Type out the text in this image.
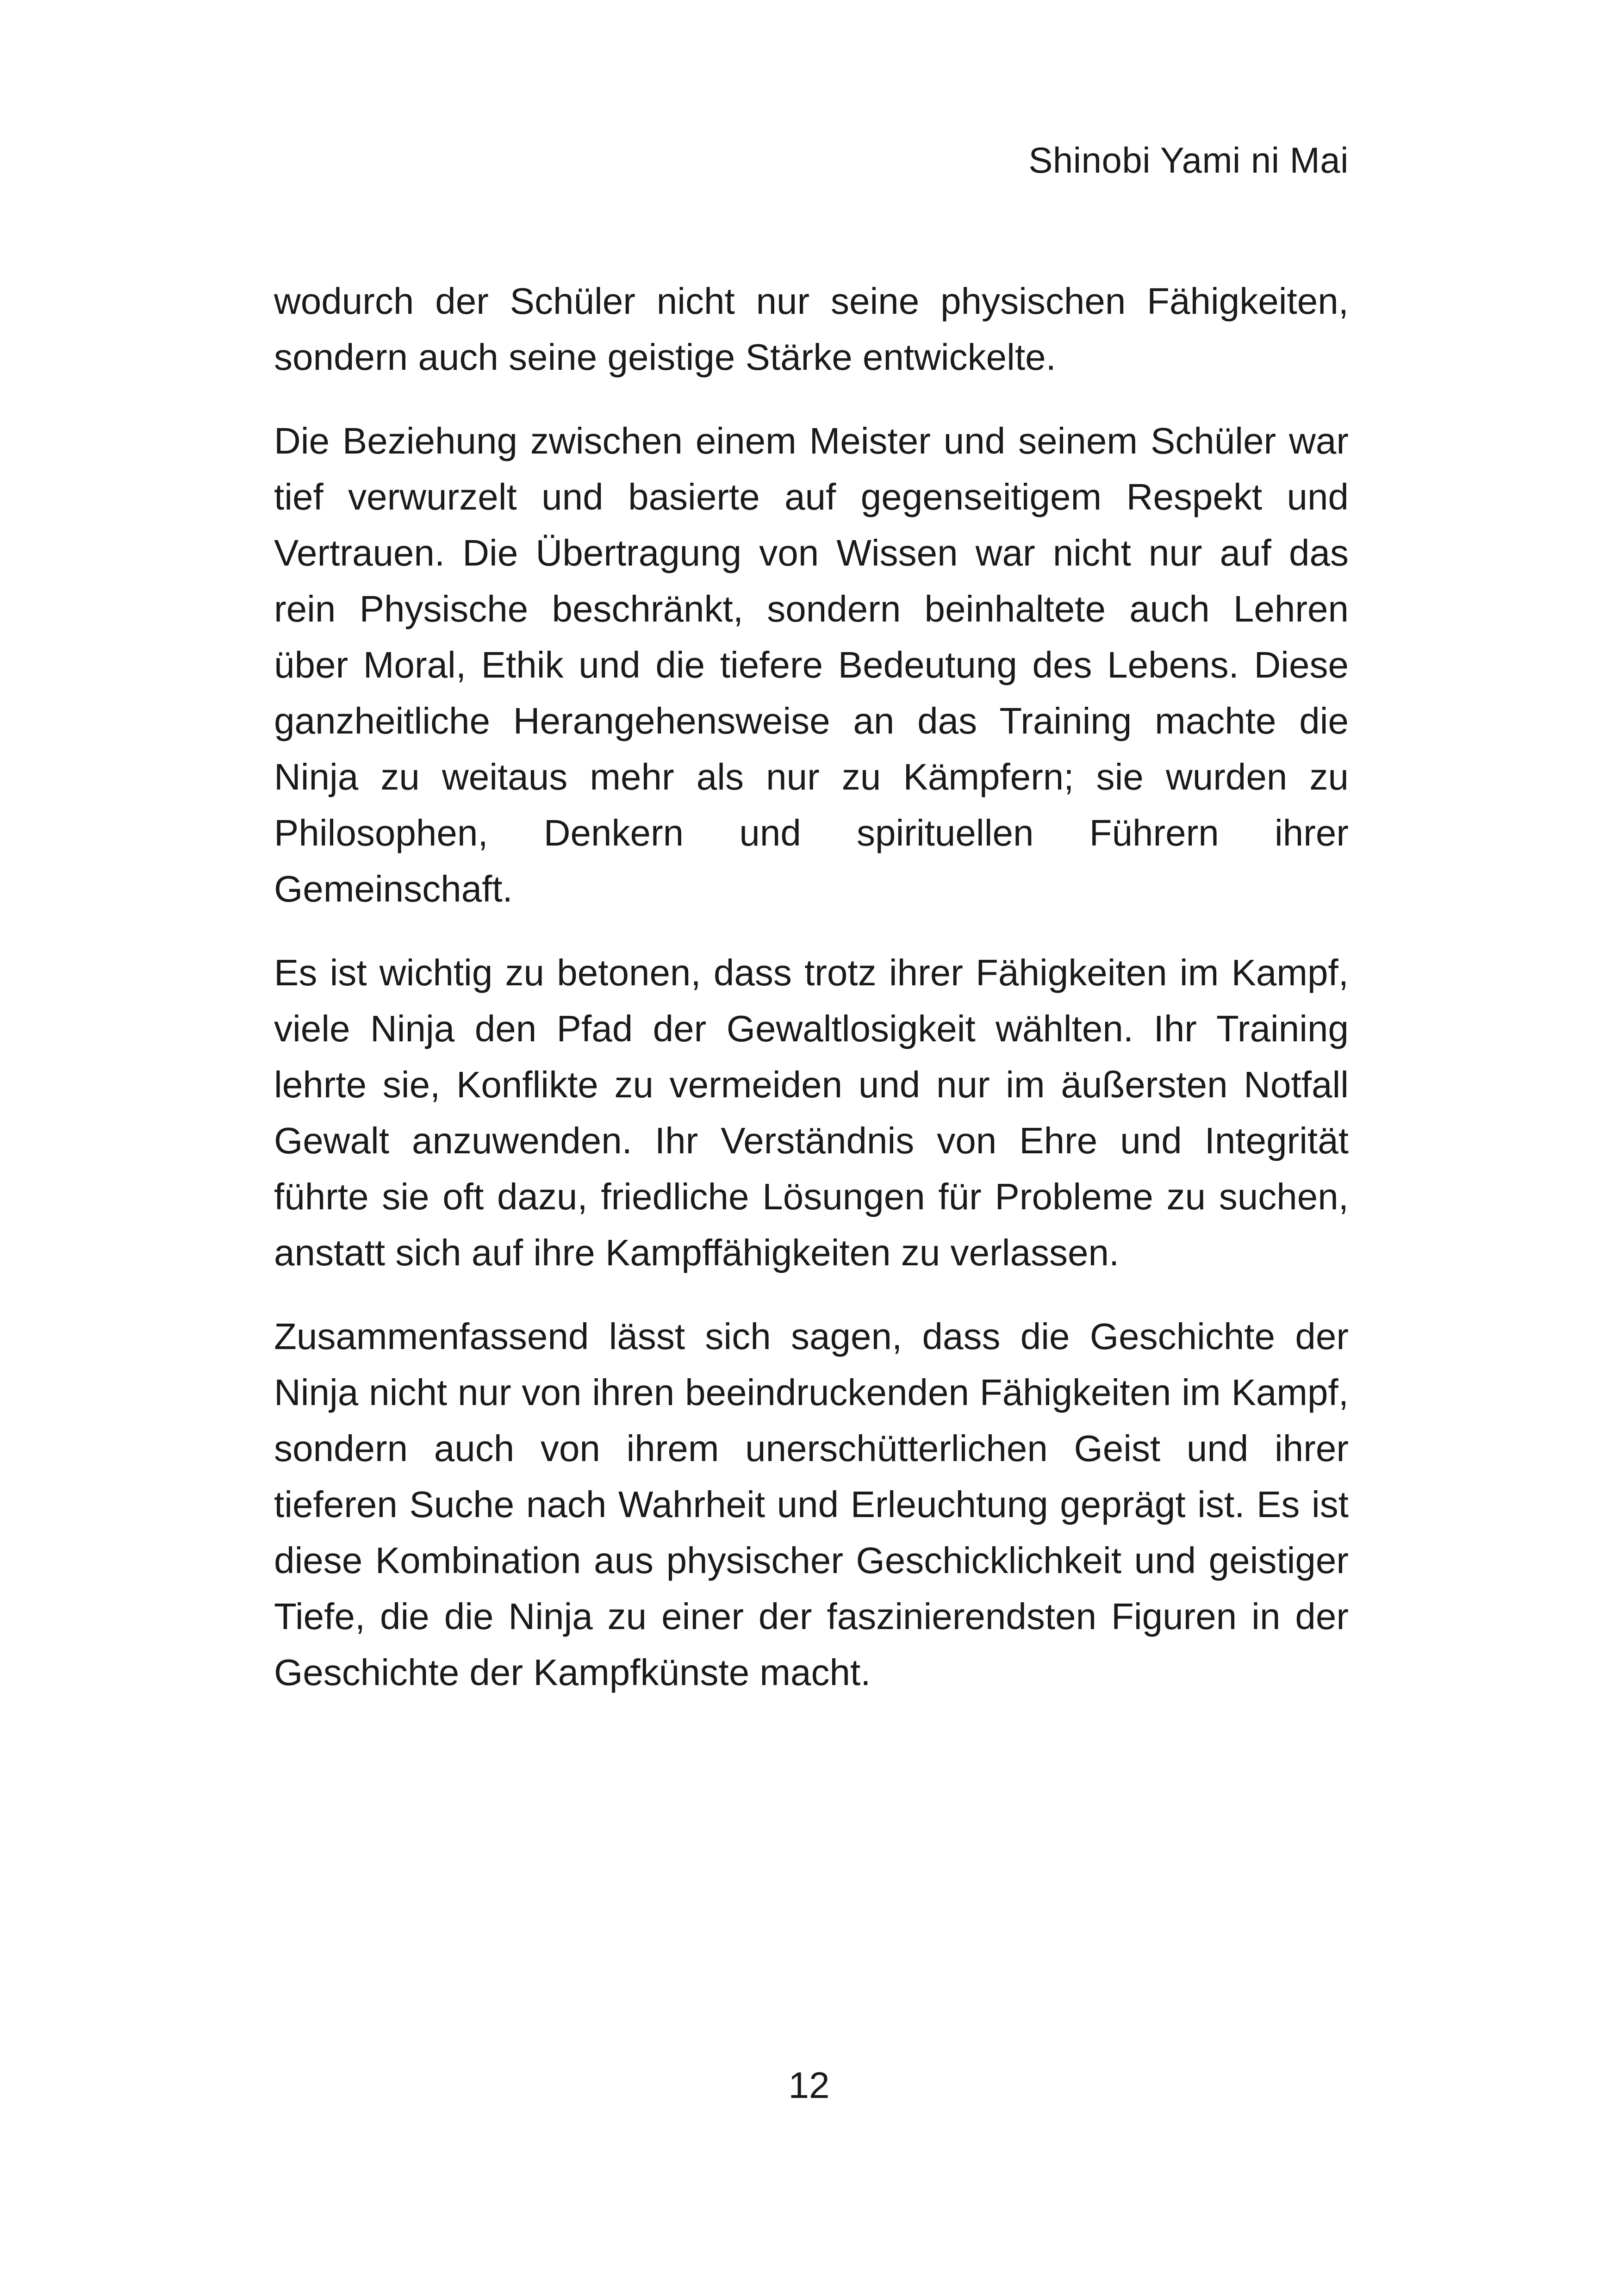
Shinobi Yami ni Mai

wodurch der Schüler nicht nur seine physischen Fähigkeiten, sondern auch seine geistige Stärke entwickelte.

Die Beziehung zwischen einem Meister und seinem Schüler war tief verwurzelt und basierte auf gegenseitigem Respekt und Vertrauen. Die Übertragung von Wissen war nicht nur auf das rein Physische beschränkt, sondern beinhaltete auch Lehren über Moral, Ethik und die tiefere Bedeutung des Lebens. Diese ganzheitliche Herangehensweise an das Training machte die Ninja zu weitaus mehr als nur zu Kämpfern; sie wurden zu Philosophen, Denkern und spirituellen Führern ihrer Gemeinschaft.

Es ist wichtig zu betonen, dass trotz ihrer Fähigkeiten im Kampf, viele Ninja den Pfad der Gewaltlosigkeit wählten. Ihr Training lehrte sie, Konflikte zu vermeiden und nur im äußersten Notfall Gewalt anzuwenden. Ihr Verständnis von Ehre und Integrität führte sie oft dazu, friedliche Lösungen für Probleme zu suchen, anstatt sich auf ihre Kampffähigkeiten zu verlassen.

Zusammenfassend lässt sich sagen, dass die Geschichte der Ninja nicht nur von ihren beeindruckenden Fähigkeiten im Kampf, sondern auch von ihrem unerschütterlichen Geist und ihrer tieferen Suche nach Wahrheit und Erleuchtung geprägt ist. Es ist diese Kombination aus physischer Geschicklichkeit und geistiger Tiefe, die die Ninja zu einer der faszinierendsten Figuren in der Geschichte der Kampfkünste macht.

12
